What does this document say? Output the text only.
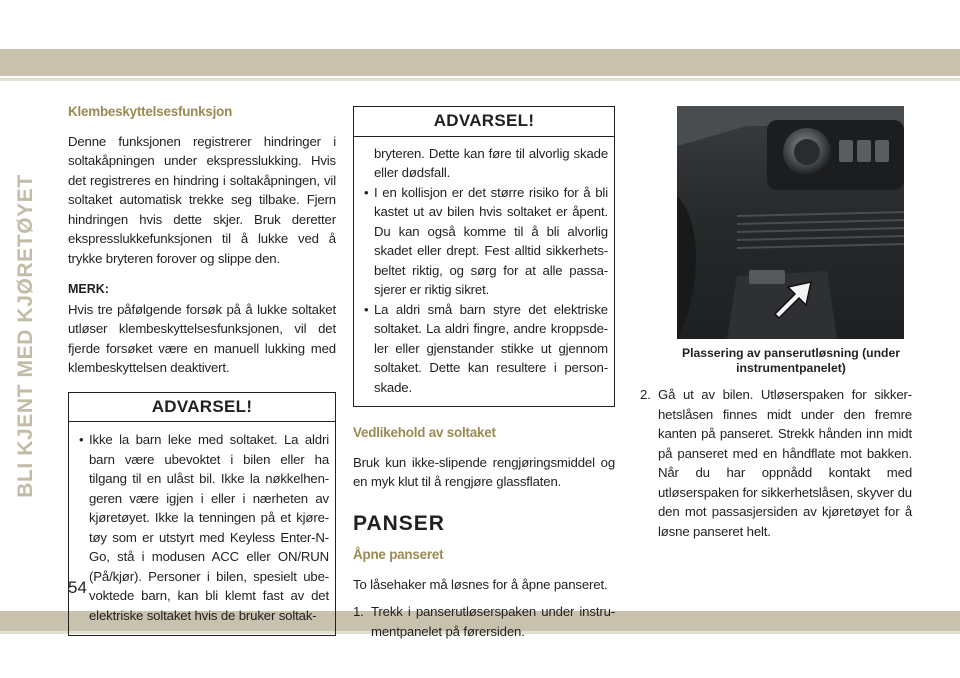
BLI KJENT MED KJØRETØYET
Klembeskyttelsesfunksjon

Denne funksjonen registrerer hindringer i soltakåpningen under ekspresslukking. Hvis det registreres en hindring i soltakåpningen, vil soltaket automatisk trekke seg tilbake. Fjern hindringen hvis dette skjer. Bruk deretter ekspresslukkefunksjonen til å lukke ved å trykke bryteren forover og slippe den.

MERK:

Hvis tre påfølgende forsøk på å lukke soltaket utløser klembeskyttelsesfunksjonen, vil det fjerde forsøket være en manuell lukking med klembeskyttelsen deaktivert.

ADVARSEL!
• Ikke la barn leke med soltaket. La aldri barn være ubevoktet i bilen eller ha tilgang til en ulåst bil. Ikke la nøkkelhen-geren være igjen i eller i nærheten av kjøretøyet. Ikke la tenningen på et kjøre-tøy som er utstyrt med Keyless Enter-N-Go, stå i modusen ACC eller ON/RUN (På/kjør). Personer i bilen, spesielt ube-voktede barn, kan bli klemt fast av det elektriske soltaket hvis de bruker soltak-
ADVARSEL!
bryteren. Dette kan føre til alvorlig skade eller dødsfall.
• I en kollisjon er det større risiko for å bli kastet ut av bilen hvis soltaket er åpent. Du kan også komme til å bli alvorlig skadet eller drept. Fest alltid sikkerhets-beltet riktig, og sørg for at alle passa-sjerer er riktig sikret.
• La aldri små barn styre det elektriske soltaket. La aldri fingre, andre kroppsde-ler eller gjenstander stikke ut gjennom soltaket. Dette kan resultere i person-skade.
Vedlikehold av soltaket

Bruk kun ikke-slipende rengjøringsmiddel og en myk klut til å rengjøre glassflaten.

PANSER
Åpne panseret

To låsehaker må løsnes for å åpne panseret.

1. Trekk i panserutløserspaken under instru-mentpanelet på førersiden.
Plassering av panserutløsning (under instrumentpanelet)
2. Gå ut av bilen. Utløserspaken for sikker-hetslåsen finnes midt under den fremre kanten på panseret. Strekk hånden inn midt på panseret med en håndflate mot bakken. Når du har oppnådd kontakt med utløserspaken for sikkerhetslåsen, skyver du den mot passasjersiden av kjøretøyet for å løsne panseret helt.
54
